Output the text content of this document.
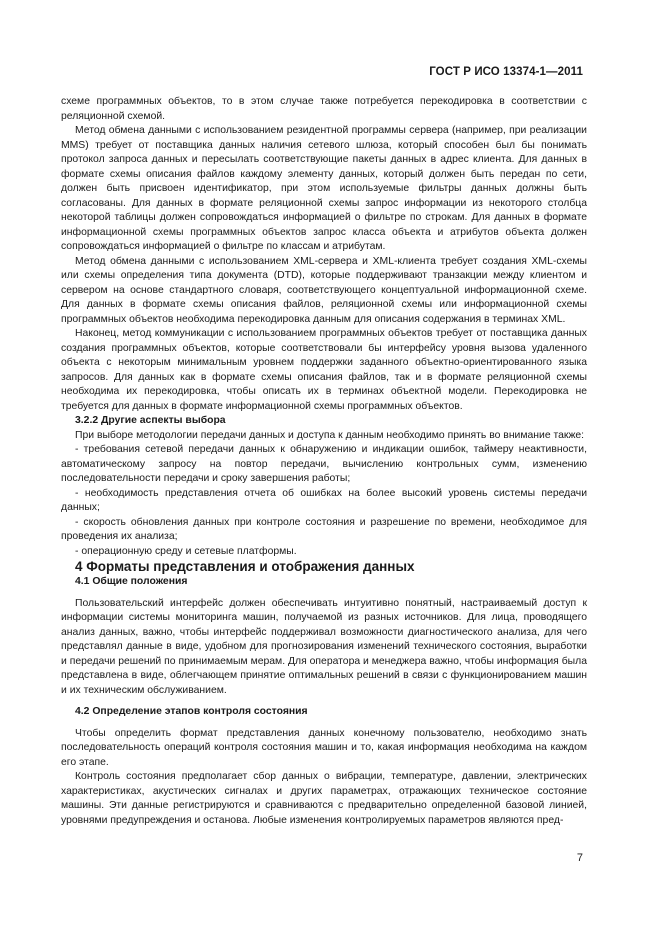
ГОСТ Р ИСО 13374-1—2011

схеме программных объектов, то в этом случае также потребуется перекодировка в соответствии с реляционной схемой.

Метод обмена данными с использованием резидентной программы сервера (например, при реализации MMS) требует от поставщика данных наличия сетевого шлюза, который способен был бы понимать протокол запроса данных и пересылать соответствующие пакеты данных в адрес клиента. Для данных в формате схемы описания файлов каждому элементу данных, который должен быть передан по сети, должен быть присвоен идентификатор, при этом используемые фильтры данных должны быть согласованы. Для данных в формате реляционной схемы запрос информации из некоторого столбца некоторой таблицы должен сопровождаться информацией о фильтре по строкам. Для данных в формате информационной схемы программных объектов запрос класса объекта и атрибутов объекта должен сопровождаться информацией о фильтре по классам и атрибутам.

Метод обмена данными с использованием XML-сервера и XML-клиента требует создания XML-схемы или схемы определения типа документа (DTD), которые поддерживают транзакции между клиентом и сервером на основе стандартного словаря, соответствующего концептуальной информационной схеме. Для данных в формате схемы описания файлов, реляционной схемы или информационной схемы программных объектов необходима перекодировка данным для описания содержания в терминах XML.

Наконец, метод коммуникации с использованием программных объектов требует от поставщика данных создания программных объектов, которые соответствовали бы интерфейсу уровня вызова удаленного объекта с некоторым минимальным уровнем поддержки заданного объектно-ориентированного языка запросов. Для данных как в формате схемы описания файлов, так и в формате реляционной схемы необходима их перекодировка, чтобы описать их в терминах объектной модели. Перекодировка не требуется для данных в формате информационной схемы программных объектов.

3.2.2 Другие аспекты выбора

При выборе методологии передачи данных и доступа к данным необходимо принять во внимание также:

- требования сетевой передачи данных к обнаружению и индикации ошибок, таймеру неактивности, автоматическому запросу на повтор передачи, вычислению контрольных сумм, изменению последовательности передачи и сроку завершения работы;

- необходимость представления отчета об ошибках на более высокий уровень системы передачи данных;

- скорость обновления данных при контроле состояния и разрешение по времени, необходимое для проведения их анализа;

- операционную среду и сетевые платформы.

4 Форматы представления и отображения данных

4.1 Общие положения

Пользовательский интерфейс должен обеспечивать интуитивно понятный, настраиваемый доступ к информации системы мониторинга машин, получаемой из разных источников. Для лица, проводящего анализ данных, важно, чтобы интерфейс поддерживал возможности диагностического анализа, для чего представлял данные в виде, удобном для прогнозирования изменений технического состояния, выработки и передачи решений по принимаемым мерам. Для оператора и менеджера важно, чтобы информация была представлена в виде, облегчающем принятие оптимальных решений в связи с функционированием машин и их техническим обслуживанием.

4.2 Определение этапов контроля состояния

Чтобы определить формат представления данных конечному пользователю, необходимо знать последовательность операций контроля состояния машин и то, какая информация необходима на каждом его этапе.

Контроль состояния предполагает сбор данных о вибрации, температуре, давлении, электрических характеристиках, акустических сигналах и других параметрах, отражающих техническое состояние машины. Эти данные регистрируются и сравниваются с предварительно определенной базовой линией, уровнями предупреждения и останова. Любые изменения контролируемых параметров являются пред-

7
